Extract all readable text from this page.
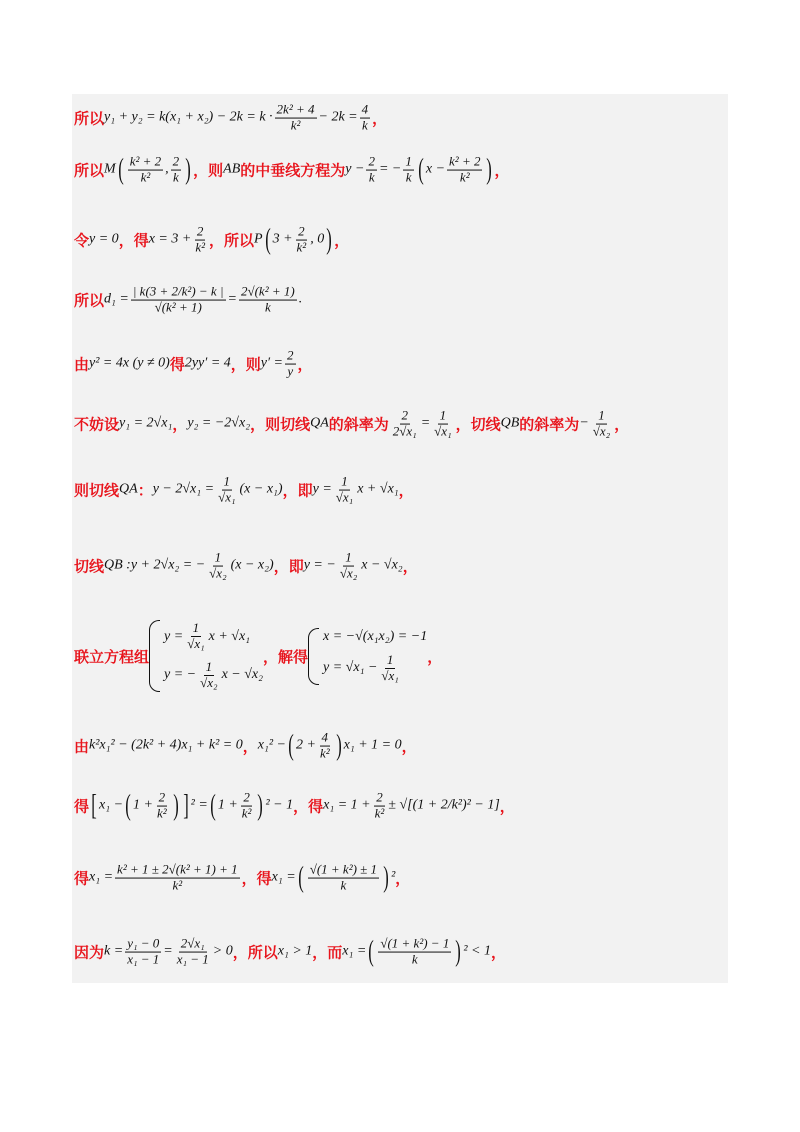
所以 $y_1 + y_2 = k(x_1 + x_2) - 2k = k \cdot \frac{\text{2k² + 4}}{\text{k²}} - 2k = \frac{4}{k}$ ，
所以 M ( $\frac{\text{k² + 2}}{\text{k²}}$ , $\frac{2}{k}$ ) ，则 AB 的中垂线方程为 $y - \frac{2}{k}$ = − $\frac{1}{k}$ ( $x - \frac{\text{k² + 2}}{\text{k²}}$ ) ，
令 y = 0 ，得 $x = 3 + \frac{2}{\text{k²}}$ ，所以 P ( $3 + \frac{2}{\text{k²}}$ , 0 ) ，
所以 $d_1 = \frac{\text{| k(3 + 2/k²) − k |}}{\text{√(k² + 1)}} = \frac{\text{2√(k² + 1)}}{k}$ .
由 y² = 4x (y ≠ 0) 得 2yy′ = 4 ，则 $y' = \frac{2}{y}$ ，
不妨设 y₁ = 2√x₁ ， y₂ = −2√x₂ ，则切线 QA 的斜率为 $\frac{2}{\text{2√x₁}} = \frac{1}{\text{√x₁}}$ ，切线 QB 的斜率为 − $\frac{1}{\text{√x₂}}$ ，
则切线 QA ： $y - 2√x_1 = \frac{1}{\text{√x₁}} (x - x_1)$ ，即 $y = \frac{1}{\text{√x₁}}$ x + √x₁ ，
切线 QB : y + 2√x₂ = − $\frac{1}{\text{√x₂}} (x - x_2)$ ，即 y = − $\frac{1}{\text{√x₂}}$ x − √x₂ ，
联立方程组
$y = \frac{1}{\text{√x₁}}$ x + √x₁
y = − $\frac{1}{\text{√x₂}}$ x − √x₂
，解得
x = −√(x₁x₂) = −1
$y = √x_1 - \frac{1}{\text{√x₁}}$ ，
由 k²x₁² − (2k² + 4)x₁ + k² = 0 ， x₁² − ( $2 + \frac{4}{\text{k²}}$ ) x₁ + 1 = 0 ，
得 [ x₁ − ( $1 + \frac{2}{\text{k²}}$ ) ] ² = ( $1 + \frac{2}{\text{k²}}$ ) ² − 1 ，得 $x_1 = 1 + \frac{2}{\text{k²}} \pm √[(1 + 2/k^2)^2 - 1]$ ，
得 $x_1 = \frac{\text{k² + 1 ± 2√(k² + 1) + 1}}{\text{k²}}$ ，得 x₁ = ( $\frac{\text{√(1 + k²) ± 1}}{k}$ ) ² ，
因为 $k = \frac{\text{y₁ − 0}}{\text{x₁ − 1}} = \frac{\text{2√x₁}}{\text{x₁ − 1}} > 0$ ，所以 x₁ > 1 ，而 x₁ = ( $\frac{\text{√(1 + k²) − 1}}{k}$ ) ² < 1 ，
